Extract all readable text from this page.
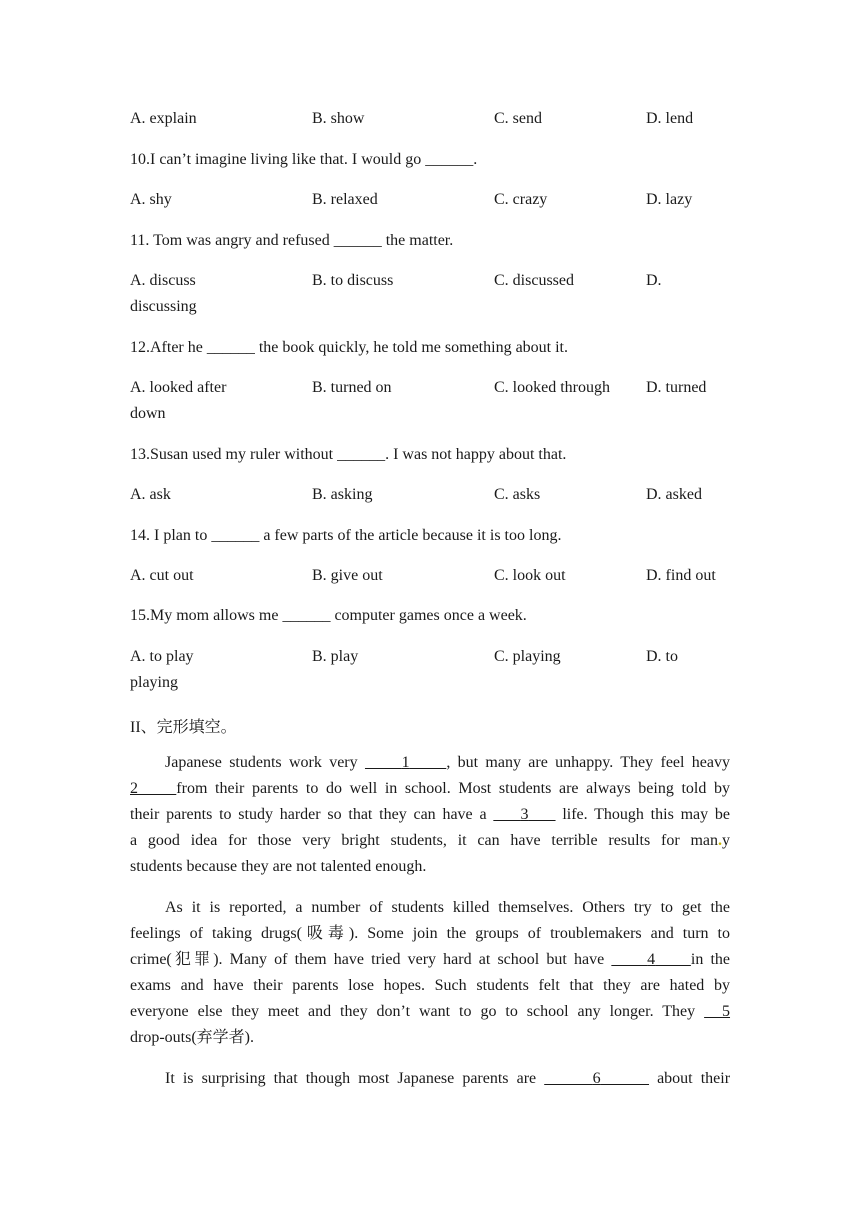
A. explain	B. show	C. send	D. lend
10.I can’t imagine living like that. I would go ______.
A. shy	B. relaxed	C. crazy	D. lazy
11. Tom was angry and refused ______ the matter.
A. discuss	B. to discuss	C. discussed	D.
discussing
12.After he ______ the book quickly, he told me something about it.
A. looked after	B. turned on	C. looked through D. turned
down
13.Susan used my ruler without ______. I was not happy about that.
A. ask	B. asking	C. asks	D. asked
14. I plan to ______ a few parts of the article because it is too long.
A. cut out	B. give out	C. look out	D. find out
15.My mom allows me ______ computer games once a week.
A. to play	B. play	C. playing	D. to
playing
II、完形填空。
Japanese students work very      1 , but many are unhappy. They feel heavy
2 from their parents to do well in school. Most students are always being told by
their parents to study harder so that they can have a     3     life. Though this may be
a good idea for those very bright students, it can have terrible results for man.y
students because they are not talented enough.
As it is reported, a number of students killed themselves. Others try to get the
feelings of taking drugs(吸毒). Some join the groups of troublemakers and turn to
crime(犯罪). Many of them have tried very hard at school but have      4 in the
exams and have their parents lose hopes. Such students felt that they are hated by
everyone else they meet and they don’t want to go to school any longer. They   5
drop-outs(弃学者).
It is surprising that though most Japanese parents are	6	about their
